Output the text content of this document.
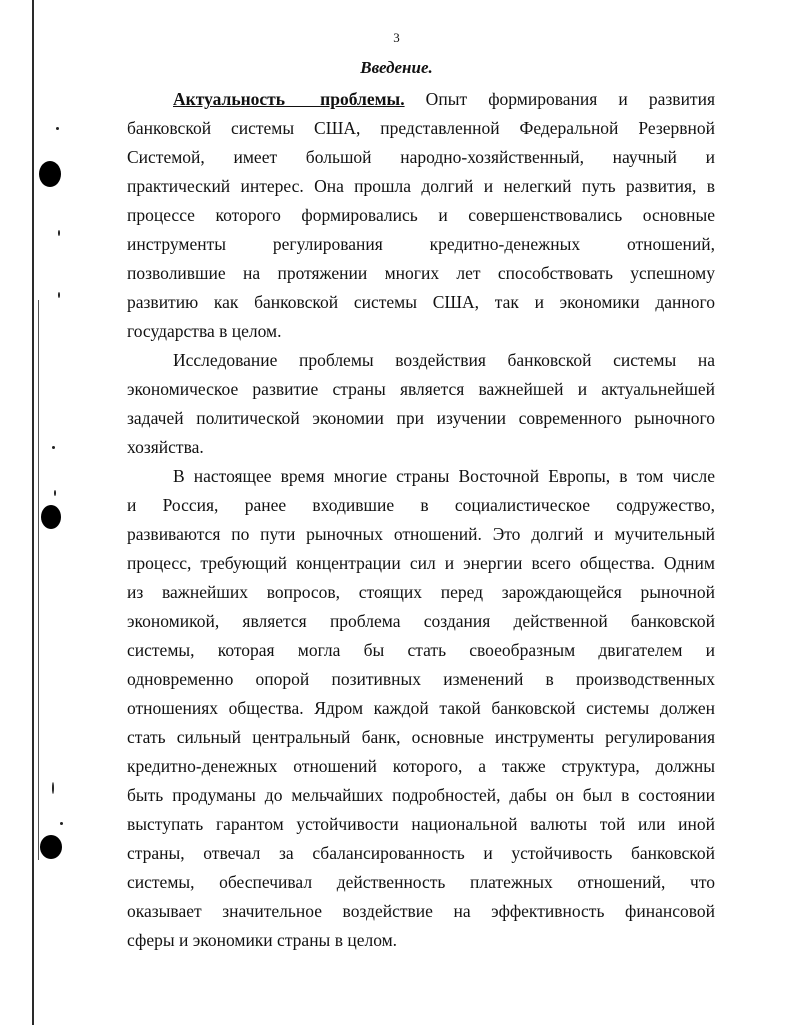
3
Введение.
Актуальность проблемы. Опыт формирования и развития
банковской системы США, представленной Федеральной Резервной
Системой, имеет большой народно-хозяйственный, научный и
практический интерес. Она прошла долгий и нелегкий путь развития, в
процессе которого формировались и совершенствовались основные
инструменты регулирования кредитно-денежных отношений,
позволившие на протяжении многих лет способствовать успешному
развитию как банковской системы США, так и экономики данного
государства в целом.
Исследование проблемы воздействия банковской системы на
экономическое развитие страны является важнейшей и актуальнейшей
задачей политической экономии при изучении современного рыночного
хозяйства.
В настоящее время многие страны Восточной Европы, в том числе
и Россия, ранее входившие в социалистическое содружество,
развиваются по пути рыночных отношений. Это долгий и мучительный
процесс, требующий концентрации сил и энергии всего общества. Одним
из важнейших вопросов, стоящих перед зарождающейся рыночной
экономикой, является проблема создания действенной банковской
системы, которая могла бы стать своеобразным двигателем и
одновременно опорой позитивных изменений в производственных
отношениях общества. Ядром каждой такой банковской системы должен
стать сильный центральный банк, основные инструменты регулирования
кредитно-денежных отношений которого, а также структура, должны
быть продуманы до мельчайших подробностей, дабы он был в состоянии
выступать гарантом устойчивости национальной валюты той или иной
страны, отвечал за сбалансированность и устойчивость банковской
системы, обеспечивал действенность платежных отношений, что
оказывает значительное воздействие на эффективность финансовой
сферы и экономики страны в целом.
